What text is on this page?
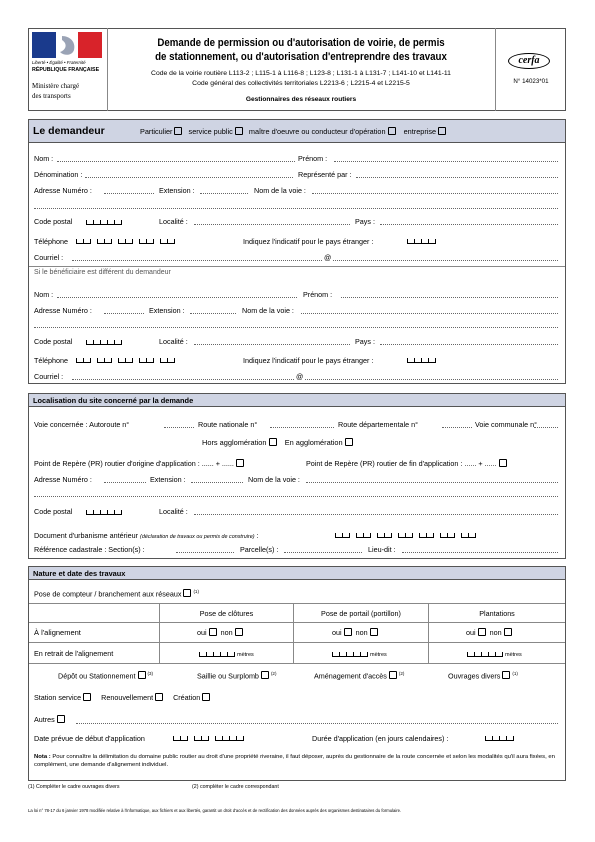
Liberté • Égalité • Fraternité
RÉPUBLIQUE FRANÇAISE
Ministère chargé
des transports
Demande de permission ou d'autorisation de voirie, de permis
de stationnement, ou d'autorisation d'entreprendre des travaux
Code de la voirie routière L113-2 ; L115-1 à L116-8 ; L123-8 ; L131-1 à L131-7 ; L141-10 et L141-11
Code général des collectivités territoriales L2213-6 ; L2215-4 et L2215-5
Gestionnaires des réseaux routiers
cerfa
N° 14023*01
Le demandeur	Particulier service public maître d'oeuvre ou conducteur d'opération entreprise
Nom :	Prénom :
Dénomination :	Représenté par :
Adresse Numéro :	Extension :	Nom de la voie :
Code postal	Localité :	Pays :
Téléphone	Indiquez l'indicatif pour le pays étranger :
Courriel :	@
Si le bénéficiaire est différent du demandeur
Nom :	Prénom :
Adresse Numéro :	Extension :	Nom de la voie :
Code postal	Localité :	Pays :
Téléphone	Indiquez l'indicatif pour le pays étranger :
Courriel :	@
Localisation du site concerné par la demande
Voie concernée : Autoroute n°	Route nationale n°	Route départementale n°	Voie communale n°
Hors agglomération En agglomération
Point de Repère (PR) routier d'origine d'application : ...... + ......	Point de Repère (PR) routier de fin d'application : ...... + ......
Adresse Numéro :	Extension :	Nom de la voie :
Code postal	Localité :
Document d'urbanisme antérieur (déclaration de travaux ou permis de construire) :
Référence cadastrale : Section(s) :	Parcelle(s) :	Lieu-dit :
Nature et date des travaux
Pose de compteur / branchement aux réseaux	$^{(1)}$
Pose de clôtures	Pose de portail (portillon)	Plantations
À l'alignement	oui non	oui non	oui non
En retrait de l'alignement	mètres	mètres	mètres
Dépôt ou Stationnement	$^{(3)}$	Saillie ou Surplomb	$^{(2)}$	Aménagement d'accès	$^{(2)}$	Ouvrages divers	$^{(1)}$
Station service	Renouvellement	Création
Autres
Date prévue de début d'application	Durée d'application (en jours calendaires) :
Nota : Pour connaître la délimitation du domaine public routier au droit d'une propriété riveraine, il faut déposer, auprès du gestionnaire de la route concernée et selon les modalités qu'il aura fixées, en complément, une demande d'alignement individuel.
(1) Compléter le cadre ouvrages divers	(2) compléter le cadre correspondant
La loi n° 78-17 du 6 janvier 1978 modifiée relative à l'informatique, aux fichiers et aux libertés, garantit un droit d'accès et de rectification des données auprès des organismes destinataires du formulaire.
